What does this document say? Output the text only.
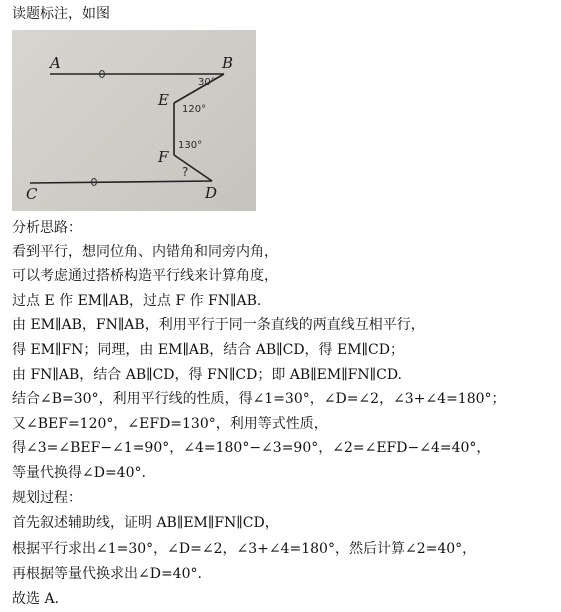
读题标注，如图
A	B
C	D
E
F
30°
120°
130°
?
分析思路：
看到平行，想同位角、内错角和同旁内角，
可以考虑通过搭桥构造平行线来计算角度，
过点 E 作 EM∥AB，过点 F 作 FN∥AB.
由 EM∥AB，FN∥AB，利用平行于同一条直线的两直线互相平行，
得 EM∥FN；同理，由 EM∥AB，结合 AB∥CD，得 EM∥CD；
由 FN∥AB，结合 AB∥CD，得 FN∥CD；即 AB∥EM∥FN∥CD.
结合∠B=30°，利用平行线的性质，得∠1=30°，∠D=∠2，∠3+∠4=180°；
又∠BEF=120°，∠EFD=130°，利用等式性质，
得∠3=∠BEF−∠1=90°，∠4=180°−∠3=90°，∠2=∠EFD−∠4=40°，
等量代换得∠D=40°.
规划过程：
首先叙述辅助线，证明 AB∥EM∥FN∥CD，
根据平行求出∠1=30°，∠D=∠2，∠3+∠4=180°，然后计算∠2=40°，
再根据等量代换求出∠D=40°.
故选 A.
